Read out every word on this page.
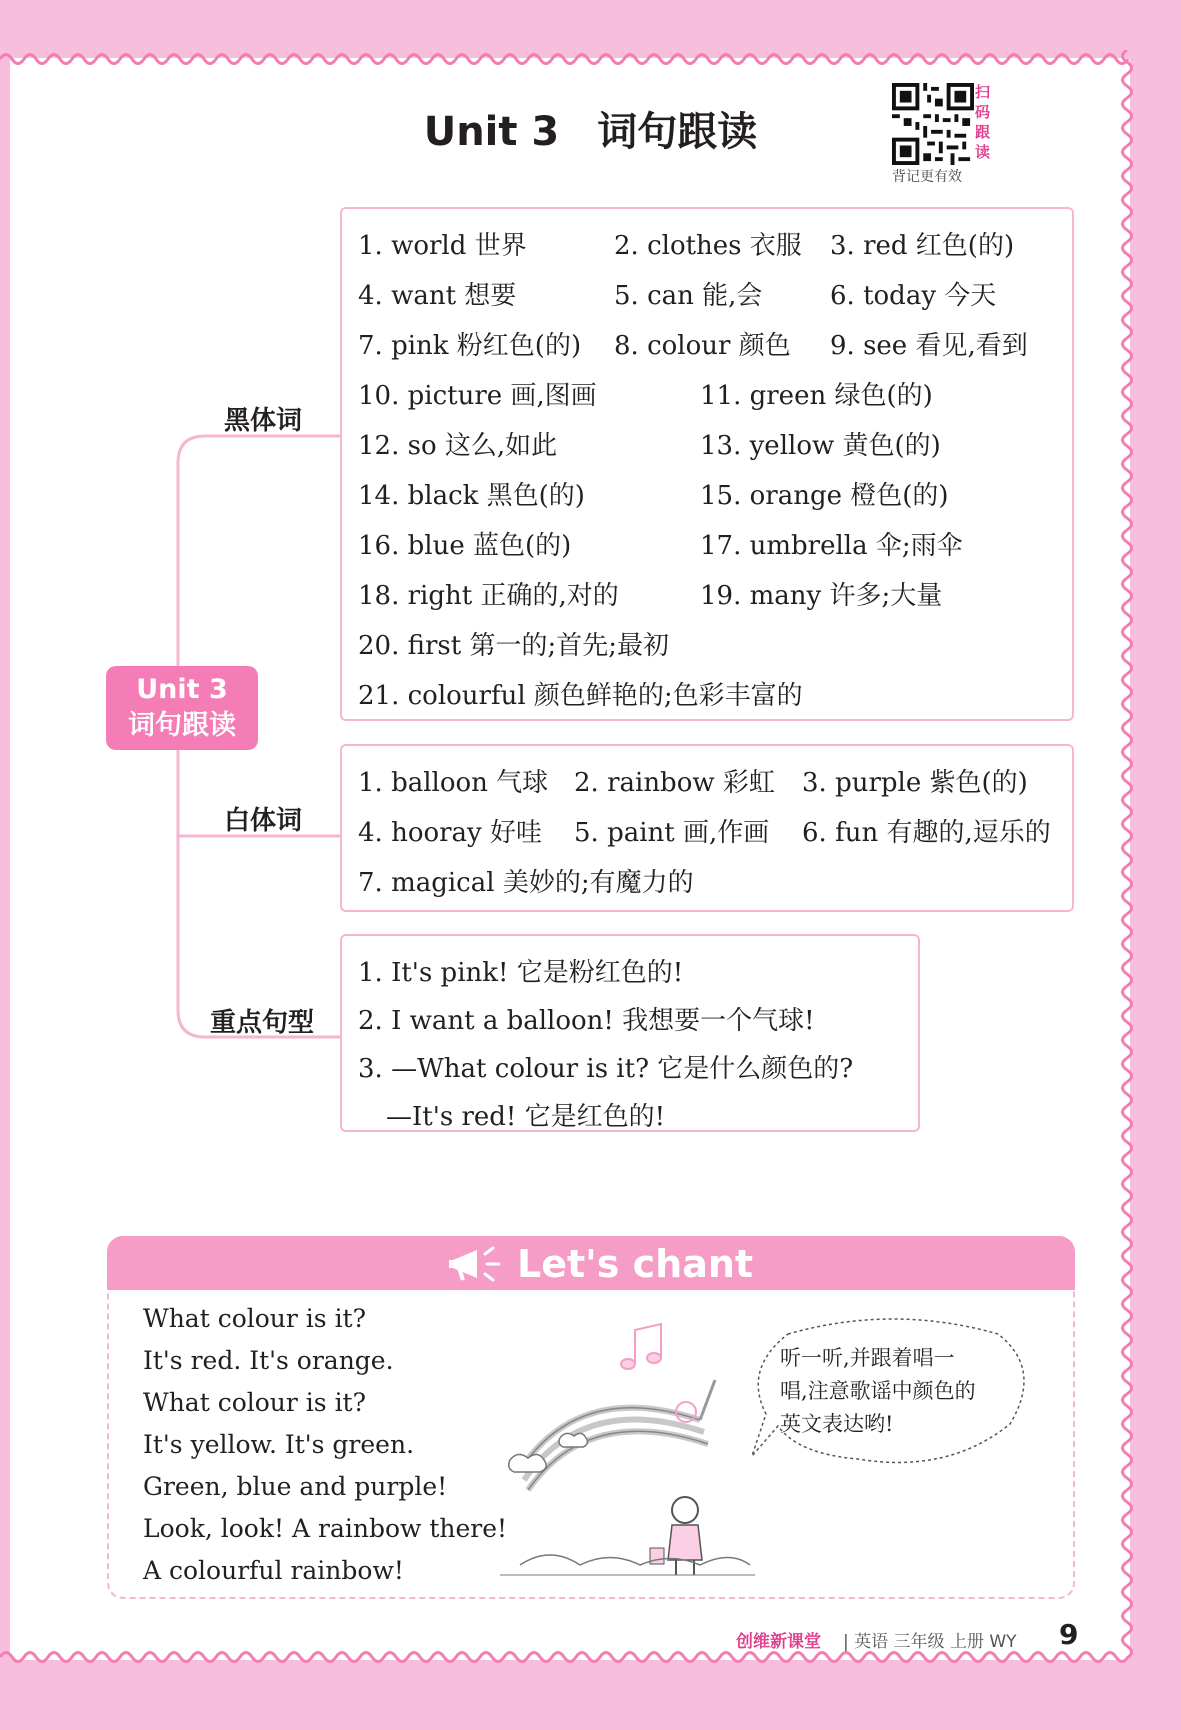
Unit 3 词句跟读
扫
码
跟
读
背记更有效
Unit 3
词句跟读
黑体词
白体词
重点句型
1. world 世界	2. clothes 衣服 3. red 红色(的)
4. want 想要	5. can 能,会	6. today 今天
7. pink 粉红色(的) 8. colour 颜色 9. see 看见,看到
10. picture 画,图画	11. green 绿色(的)
12. so 这么,如此	13. yellow 黄色(的)
14. black 黑色(的)	15. orange 橙色(的)
16. blue 蓝色(的)	17. umbrella 伞;雨伞
18. right 正确的,对的	19. many 许多;大量
20. first 第一的;首先;最初
21. colourful 颜色鲜艳的;色彩丰富的
1. balloon 气球 2. rainbow 彩虹 3. purple 紫色(的)
4. hooray 好哇 5. paint 画,作画 6. fun 有趣的,逗乐的
7. magical 美妙的;有魔力的
1. It's pink! 它是粉红色的!
2. I want a balloon! 我想要一个气球!
3. —What colour is it? 它是什么颜色的?
—It's red! 它是红色的!
Let's chant
What colour is it?
It's red. It's orange.
What colour is it?
It's yellow. It's green.
Green, blue and purple!
Look, look! A rainbow there!
A colourful rainbow!
听一听,并跟着唱一
唱,注意歌谣中颜色的
英文表达哟!
创维新课堂 | 英语 三年级 上册 WY 9
